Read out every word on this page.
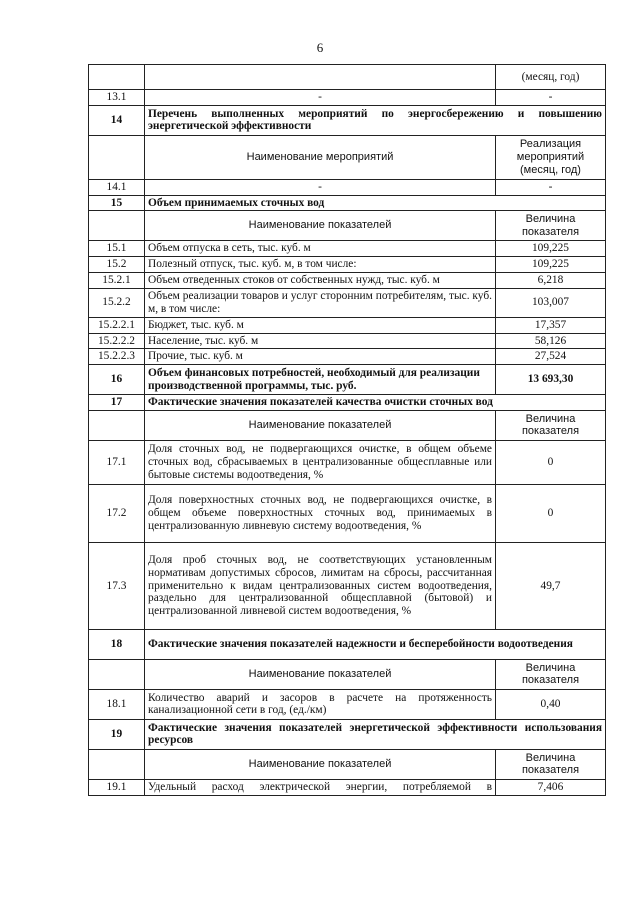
6
		(месяц, год)
13.1	-	-
14	Перечень выполненных мероприятий по энергосбережению и повышению энергетической эффективности	
	Наименование мероприятий	Реализация мероприятий (месяц, год)
14.1	-	-
15	Объем принимаемых сточных вод	
	Наименование показателей	Величина показателя
15.1	Объем отпуска в сеть, тыс. куб. м	109,225
15.2	Полезный отпуск, тыс. куб. м, в том числе:	109,225
15.2.1	Объем отведенных стоков от собственных нужд, тыс. куб. м	6,218
15.2.2	Объем реализации товаров и услуг сторонним потребителям, тыс. куб. м, в том числе:	103,007
15.2.2.1	Бюджет, тыс. куб. м	17,357
15.2.2.2	Население, тыс. куб. м	58,126
15.2.2.3	Прочие, тыс. куб. м	27,524
16	Объем финансовых потребностей, необходимый для реализации производственной программы, тыс. руб.	13 693,30
17	Фактические значения показателей качества очистки сточных вод	
	Наименование показателей	Величина показателя
17.1	Доля сточных вод, не подвергающихся очистке, в общем объеме сточных вод, сбрасываемых в централизованные общесплавные или бытовые системы водоотведения, %	0
17.2	Доля поверхностных сточных вод, не подвергающихся очистке, в общем объеме поверхностных сточных вод, принимаемых в централизованную ливневую систему водоотведения, %	0
17.3	Доля проб сточных вод, не соответствующих установленным нормативам допустимых сбросов, лимитам на сбросы, рассчитанная применительно к видам централизованных систем водоотведения, раздельно для централизованной общесплавной (бытовой) и централизованной ливневой систем водоотведения, %	49,7
18	Фактические значения показателей надежности и бесперебойности водоотведения	
	Наименование показателей	Величина показателя
18.1	Количество аварий и засоров в расчете на протяженность канализационной сети в год, (ед./км)	0,40
19	Фактические значения показателей энергетической эффективности использования ресурсов	
	Наименование показателей	Величина показателя
19.1	Удельный расход электрической энергии, потребляемой в	7,406
